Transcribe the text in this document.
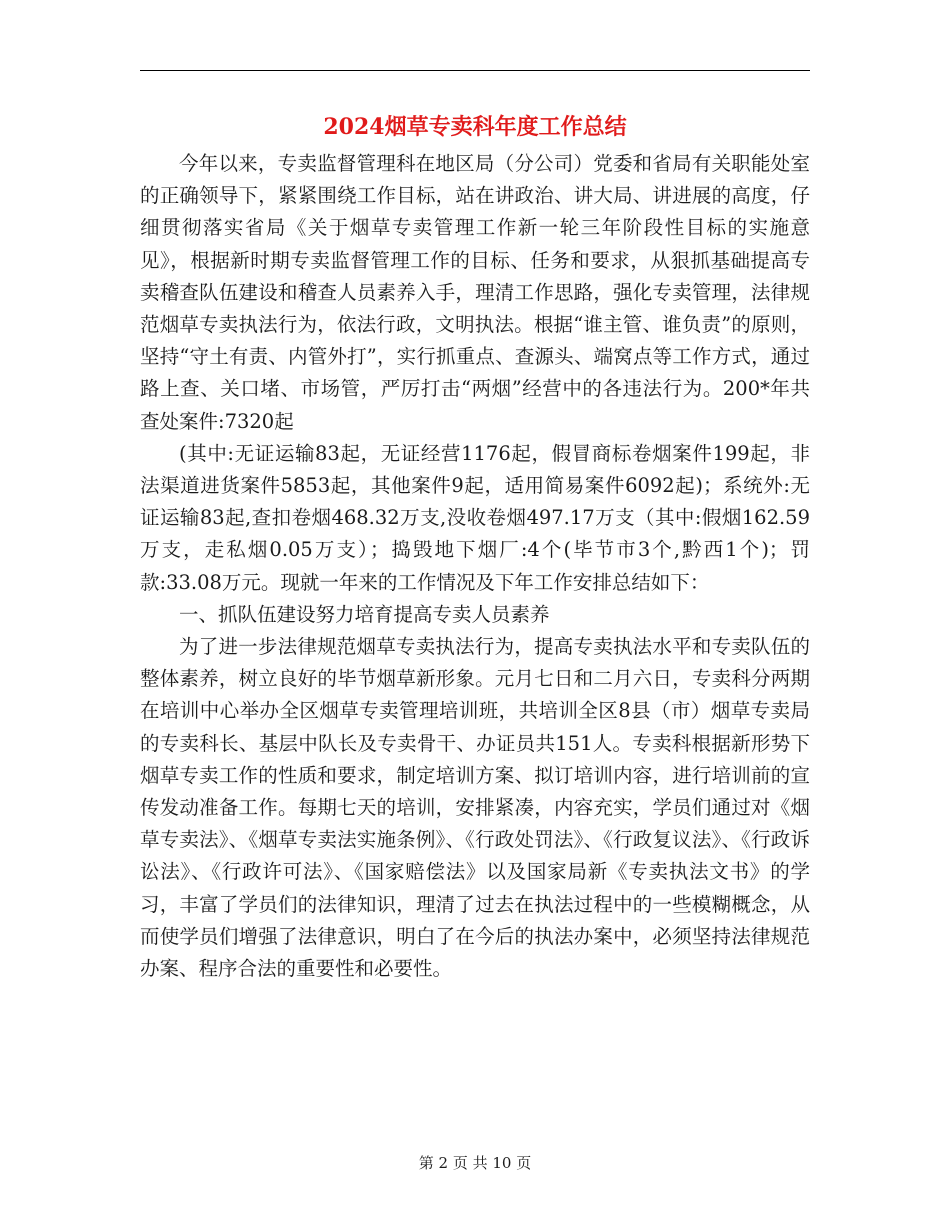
2024烟草专卖科年度工作总结

今年以来，专卖监督管理科在地区局（分公司）党委和省局有关职能处室的正确领导下，紧紧围绕工作目标，站在讲政治、讲大局、讲进展的高度，仔细贯彻落实省局《关于烟草专卖管理工作新一轮三年阶段性目标的实施意见》，根据新时期专卖监督管理工作的目标、任务和要求，从狠抓基础提高专卖稽查队伍建设和稽查人员素养入手，理清工作思路，强化专卖管理，法律规范烟草专卖执法行为，依法行政，文明执法。根据“谁主管、谁负责”的原则，坚持“守土有责、内管外打”，实行抓重点、查源头、端窝点等工作方式，通过路上查、关口堵、市场管，严厉打击“两烟”经营中的各违法行为。200*年共查处案件:7320起

(其中:无证运输83起，无证经营1176起，假冒商标卷烟案件199起，非法渠道进货案件5853起，其他案件9起，适用简易案件6092起)；系统外:无证运输83起,查扣卷烟468.32万支,没收卷烟497.17万支（其中:假烟162.59万支，走私烟0.05万支）；捣毁地下烟厂:4个(毕节市3个,黔西1个)；罚款:33.08万元。现就一年来的工作情况及下年工作安排总结如下：

一、抓队伍建设努力培育提高专卖人员素养

为了进一步法律规范烟草专卖执法行为，提高专卖执法水平和专卖队伍的整体素养，树立良好的毕节烟草新形象。元月七日和二月六日，专卖科分两期在培训中心举办全区烟草专卖管理培训班，共培训全区8县（市）烟草专卖局的专卖科长、基层中队长及专卖骨干、办证员共151人。专卖科根据新形势下烟草专卖工作的性质和要求，制定培训方案、拟订培训内容，进行培训前的宣传发动准备工作。每期七天的培训，安排紧凑，内容充实，学员们通过对《烟草专卖法》、《烟草专卖法实施条例》、《行政处罚法》、《行政复议法》、《行政诉讼法》、《行政许可法》、《国家赔偿法》以及国家局新《专卖执法文书》的学习，丰富了学员们的法律知识，理清了过去在执法过程中的一些模糊概念，从而使学员们增强了法律意识，明白了在今后的执法办案中，必须坚持法律规范办案、程序合法的重要性和必要性。

第 2 页 共 10 页
